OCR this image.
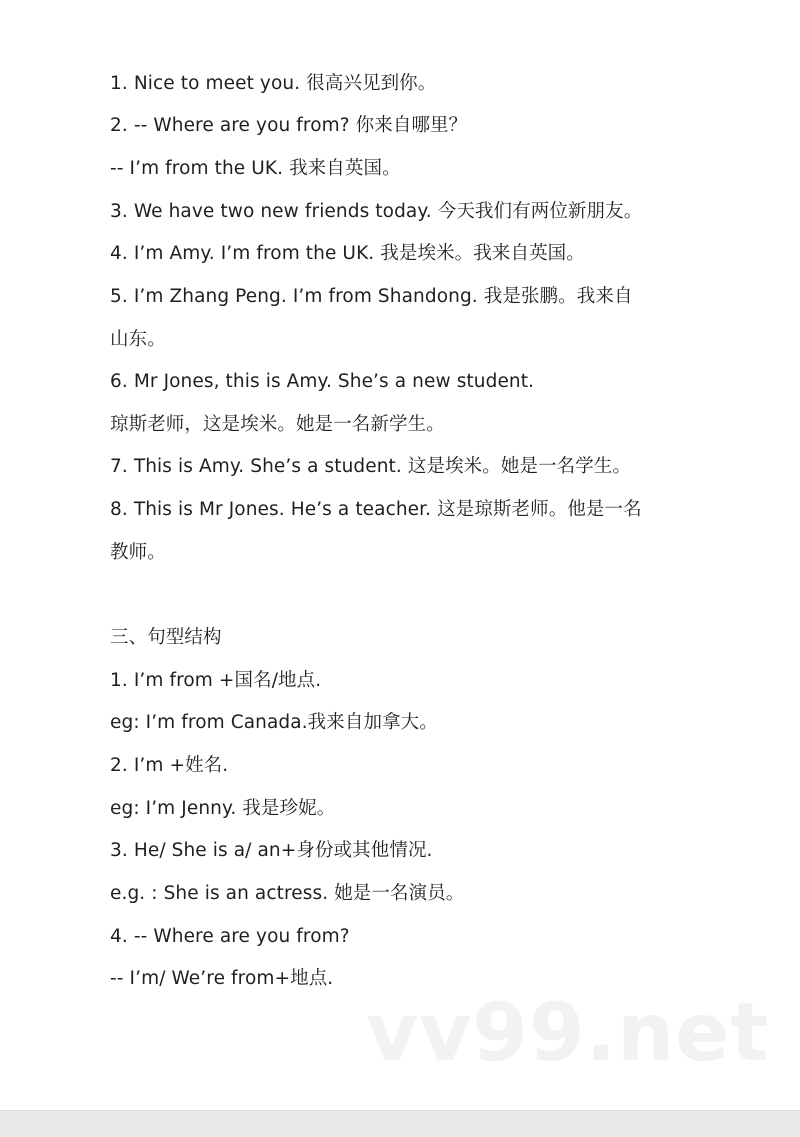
1. Nice to meet you. 很高兴见到你。
2. -- Where are you from? 你来自哪里？
-- I’m from the UK. 我来自英国。
3. We have two new friends today. 今天我们有两位新朋友。
4. I’m Amy. I’m from the UK. 我是埃米。我来自英国。
5. I’m Zhang Peng. I’m from Shandong. 我是张鹏。我来自
山东。
6. Mr Jones, this is Amy. She’s a new student.
琼斯老师，这是埃米。她是一名新学生。
7. This is Amy. She’s a student. 这是埃米。她是一名学生。
8. This is Mr Jones. He’s a teacher. 这是琼斯老师。他是一名
教师。
三、句型结构
1. I’m from +国名/地点.
eg: I’m from Canada.我来自加拿大。
2. I’m +姓名.
eg: I’m Jenny. 我是珍妮。
3. He/ She is a/ an+身份或其他情况.
e.g. : She is an actress. 她是一名演员。
4. -- Where are you from?
-- I’m/ We’re from+地点.
vv99.net
